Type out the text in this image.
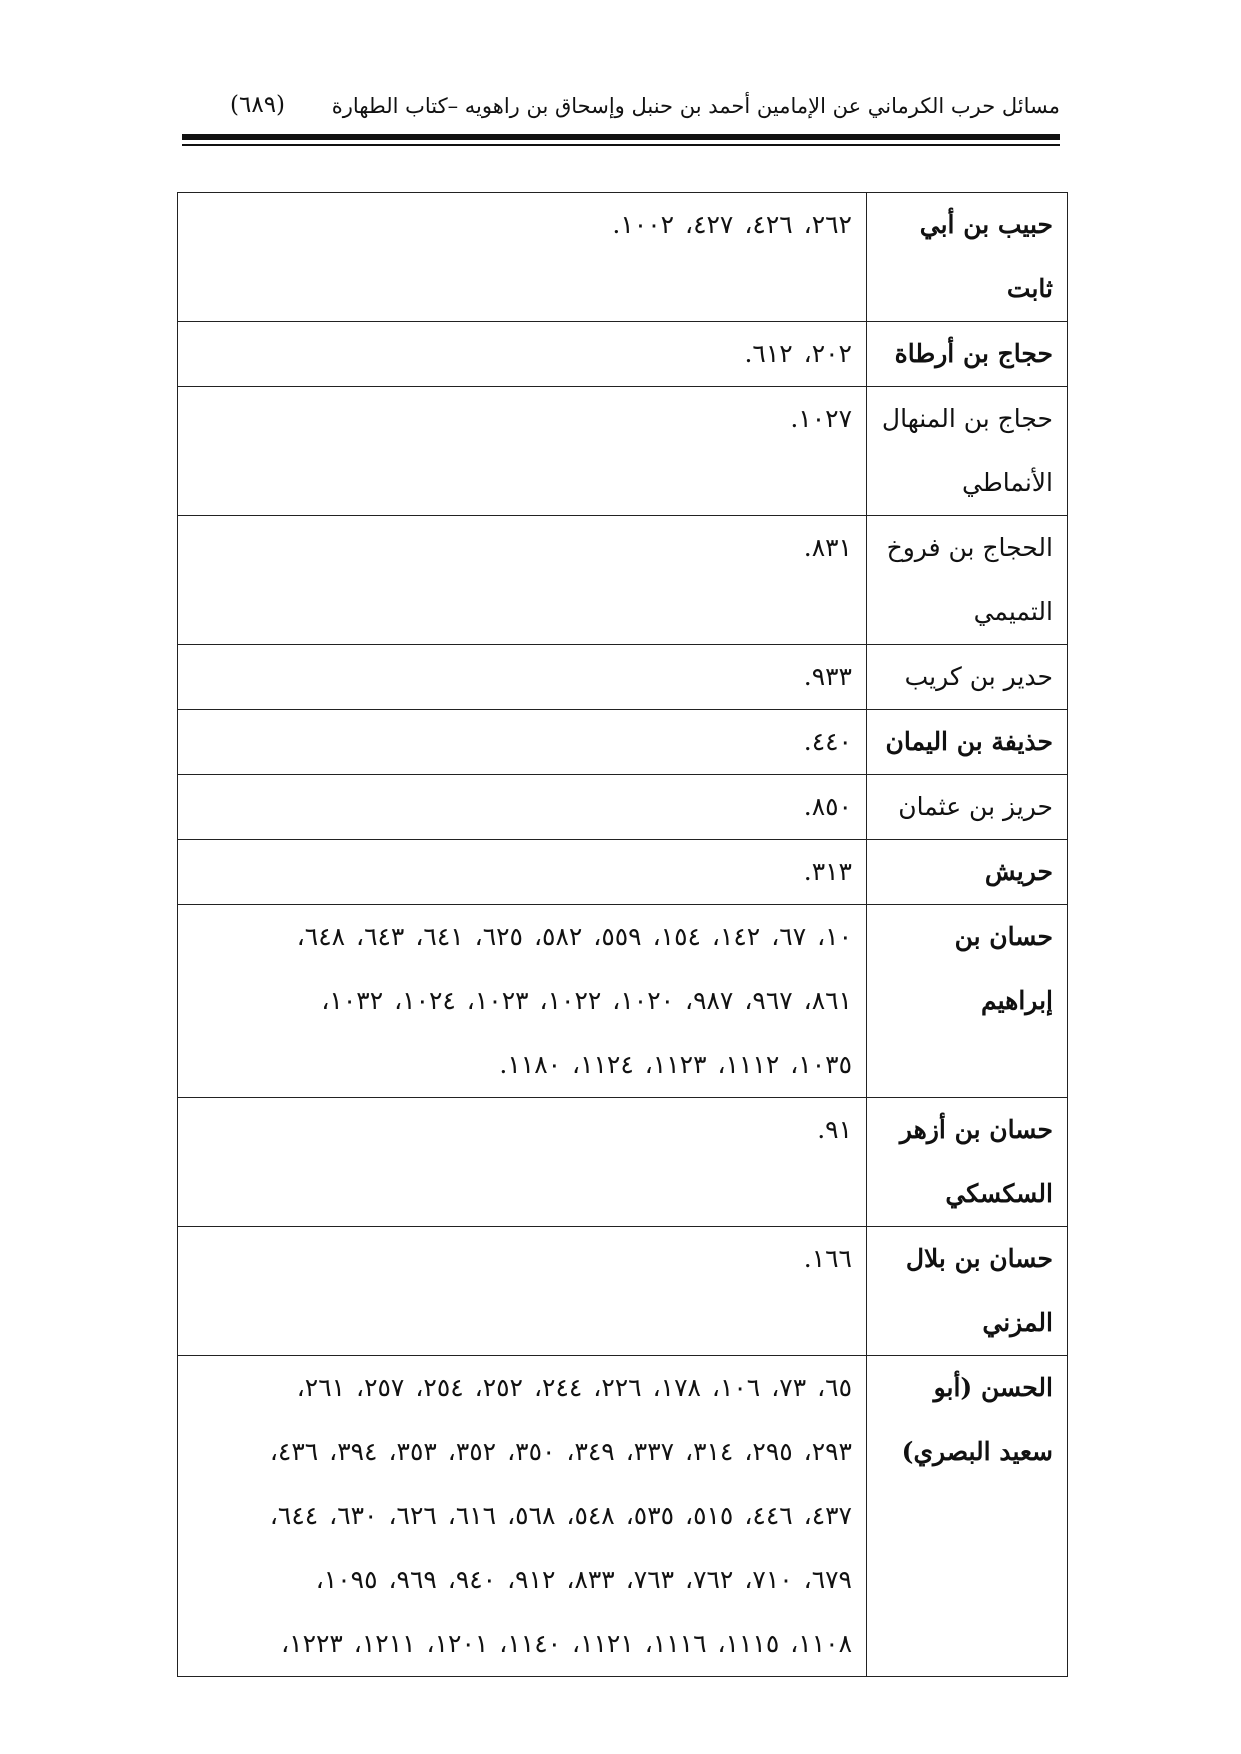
مسائل حرب الكرماني عن الإمامين أحمد بن حنبل وإسحاق بن راهويه –كتاب الطهارة
(٦٨٩)
حبيب بن أبي ثابت	٢٦٢، ٤٢٦، ٤٢٧، ١٠٠٢.

حجاج بن أرطاة	٢٠٢، ٦١٢.

حجاج بن المنهال الأنماطي	١٠٢٧.

الحجاج بن فروخ التميمي	٨٣١.

حدير بن كريب	٩٣٣.

حذيفة بن اليمان	٤٤٠.

حريز بن عثمان	٨٥٠.

حريش	٣١٣.

حسان بن إبراهيم	١٠، ٦٧، ١٤٢، ١٥٤، ٥٥٩، ٥٨٢، ٦٢٥، ٦٤١، ٦٤٣، ٦٤٨،
٨٦١، ٩٦٧، ٩٨٧، ١٠٢٠، ١٠٢٢، ١٠٢٣، ١٠٢٤، ١٠٣٢،
١٠٣٥، ١١١٢، ١١٢٣، ١١٢٤، ١١٨٠.

حسان بن أزهر السكسكي	٩١.

حسان بن بلال المزني	١٦٦.

الحسن (أبو سعيد البصري)	٦٥، ٧٣، ١٠٦، ١٧٨، ٢٢٦، ٢٤٤، ٢٥٢، ٢٥٤، ٢٥٧، ٢٦١،
٢٩٣، ٢٩٥، ٣١٤، ٣٣٧، ٣٤٩، ٣٥٠، ٣٥٢، ٣٥٣، ٣٩٤، ٤٣٦،
٤٣٧، ٤٤٦، ٥١٥، ٥٣٥، ٥٤٨، ٥٦٨، ٦١٦، ٦٢٦، ٦٣٠، ٦٤٤،
٦٧٩، ٧١٠، ٧٦٢، ٧٦٣، ٨٣٣، ٩١٢، ٩٤٠، ٩٦٩، ١٠٩٥،
١١٠٨، ١١١٥، ١١١٦، ١١٢١، ١١٤٠، ١٢٠١، ١٢١١، ١٢٢٣،
